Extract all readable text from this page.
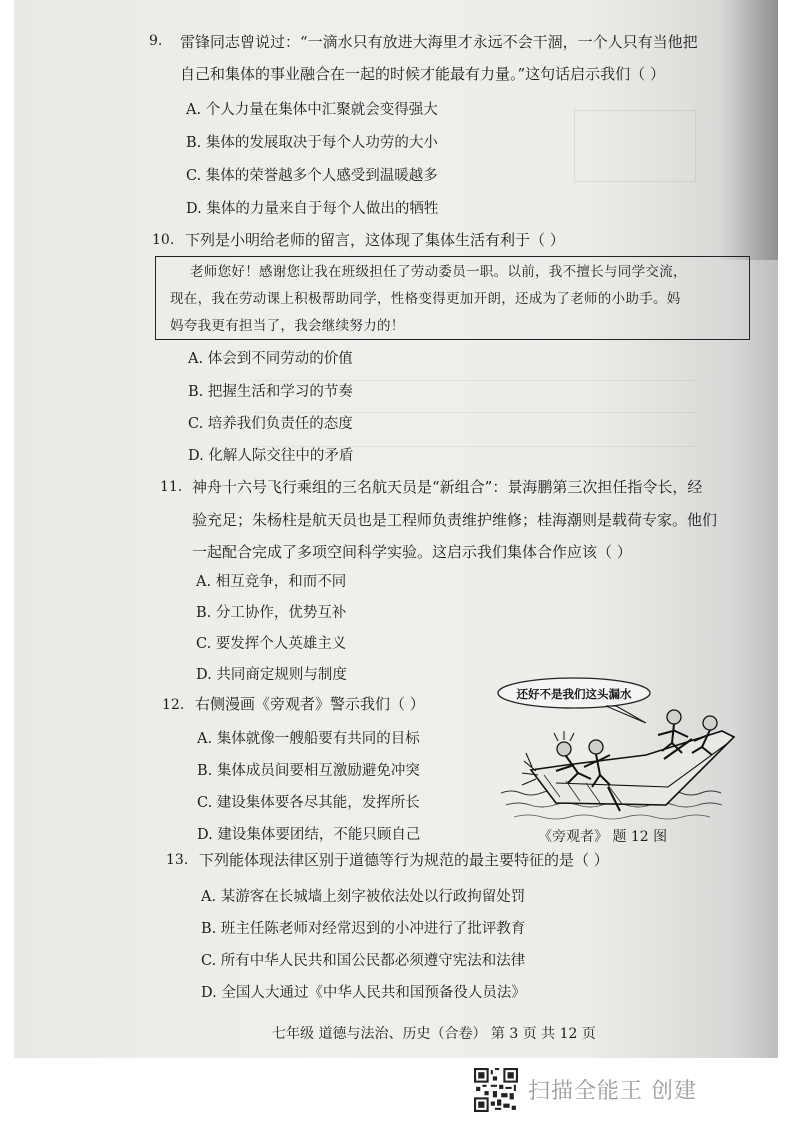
9. 雷锋同志曾说过：“一滴水只有放进大海里才永远不会干涸，一个人只有当他把
自己和集体的事业融合在一起的时候才能最有力量。”这句话启示我们（ ）
A. 个人力量在集体中汇聚就会变得强大
B. 集体的发展取决于每个人功劳的大小
C. 集体的荣誉越多个人感受到温暖越多
D. 集体的力量来自于每个人做出的牺牲
10. 下列是小明给老师的留言，这体现了集体生活有利于（ ）
老师您好！感谢您让我在班级担任了劳动委员一职。以前，我不擅长与同学交流，
现在，我在劳动课上积极帮助同学，性格变得更加开朗，还成为了老师的小助手。妈
妈夸我更有担当了，我会继续努力的！
A. 体会到不同劳动的价值
B. 把握生活和学习的节奏
C. 培养我们负责任的态度
D. 化解人际交往中的矛盾
11. 神舟十六号飞行乘组的三名航天员是“新组合”：景海鹏第三次担任指令长，经
验充足；朱杨柱是航天员也是工程师负责维护维修；桂海潮则是载荷专家。他们
一起配合完成了多项空间科学实验。这启示我们集体合作应该（ ）
A. 相互竞争，和而不同
B. 分工协作，优势互补
C. 要发挥个人英雄主义
D. 共同商定规则与制度
12. 右侧漫画《旁观者》警示我们（ ）
A. 集体就像一艘船要有共同的目标
B. 集体成员间要相互激励避免冲突
C. 建设集体要各尽其能，发挥所长
D. 建设集体要团结，不能只顾自己
还好不是我们这头漏水
《旁观者》 题 12 图
13. 下列能体现法律区别于道德等行为规范的最主要特征的是（ ）
A. 某游客在长城墙上刻字被依法处以行政拘留处罚
B. 班主任陈老师对经常迟到的小冲进行了批评教育
C. 所有中华人民共和国公民都必须遵守宪法和法律
D. 全国人大通过《中华人民共和国预备役人员法》
七年级 道德与法治、历史（合卷） 第 3 页 共 12 页
扫描全能王 创建
